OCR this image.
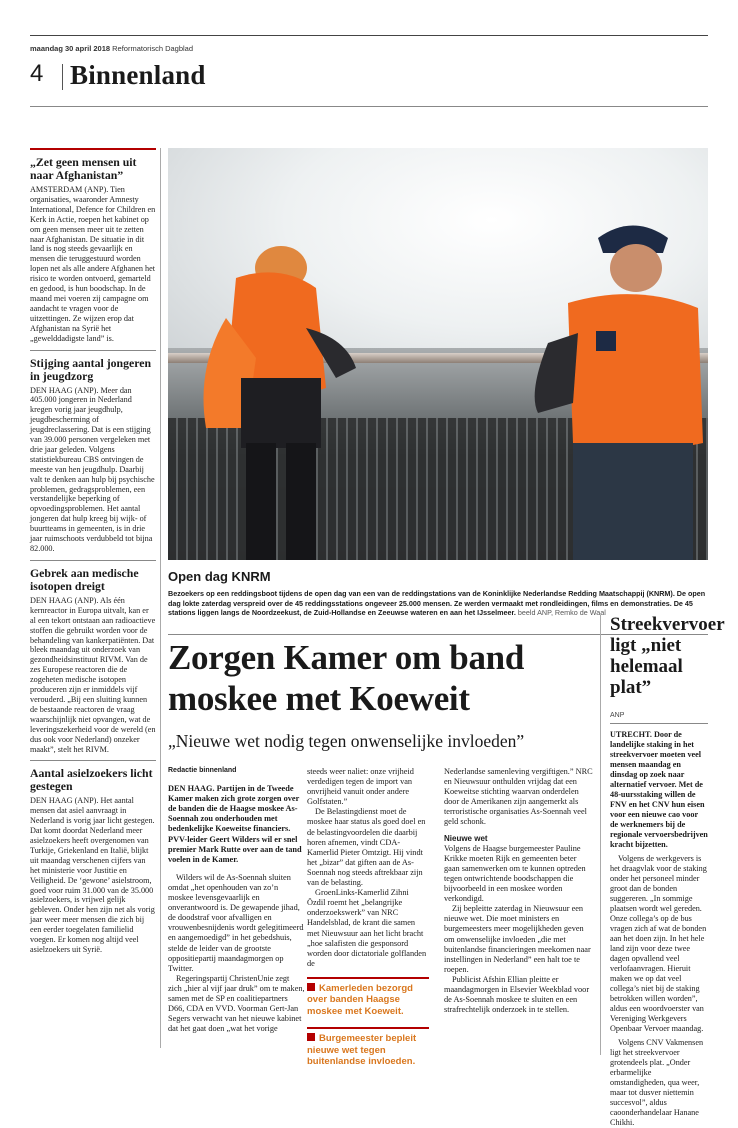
maandag 30 april 2018 Reformatorisch Dagblad
4 Binnenland
„Zet geen mensen uit naar Afghanistan”

AMSTERDAM (ANP). Tien organisaties, waaronder Amnesty International, Defence for Children en Kerk in Actie, roepen het kabinet op om geen mensen meer uit te zetten naar Afghanistan. De situatie in dit land is nog steeds gevaarlijk en mensen die teruggestuurd worden lopen net als alle andere Afghanen het risico te worden ontvoerd, gemarteld en gedood, is hun boodschap. In de maand mei voeren zij campagne om aandacht te vragen voor de uitzettingen. Ze wijzen erop dat Afghanistan na Syrië het „gewelddadigste land” is.

Stijging aantal jongeren in jeugdzorg

DEN HAAG (ANP). Meer dan 405.000 jongeren in Nederland kregen vorig jaar jeugdhulp, jeugdbescherming of jeugdreclassering. Dat is een stijging van 39.000 personen vergeleken met drie jaar geleden. Volgens statistiekbureau CBS ontvingen de meeste van hen jeugdhulp. Daarbij valt te denken aan hulp bij psychische problemen, gedragsproblemen, een verstandelijke beperking of opvoedingsproblemen. Het aantal jongeren dat hulp kreeg bij wijk- of buurtteams in gemeenten, is in drie jaar ruimschoots verdubbeld tot bijna 82.000.

Gebrek aan medische isotopen dreigt

DEN HAAG (ANP). Als één kernreactor in Europa uitvalt, kan er al een tekort ontstaan aan radioactieve stoffen die gebruikt worden voor de behandeling van kankerpatiënten. Dat bleek maandag uit onderzoek van gezondheidsinstituut RIVM. Van de zes Europese reactoren die de zogeheten medische isotopen produceren zijn er inmiddels vijf verouderd. „Bij een sluiting kunnen de bestaande reactoren de vraag waarschijnlijk niet opvangen, wat de leveringszekerheid voor de wereld (en dus ook voor Nederland) onzeker maakt”, stelt het RIVM.

Aantal asielzoekers licht gestegen

DEN HAAG (ANP). Het aantal mensen dat asiel aanvraagt in Nederland is vorig jaar licht gestegen. Dat komt doordat Nederland meer asielzoekers heeft overgenomen van Turkije, Griekenland en Italië, blijkt uit maandag verschenen cijfers van het ministerie voor Justitie en Veiligheid. De ‘gewone’ asielstroom, goed voor ruim 31.000 van de 35.000 asielzoekers, is vrijwel gelijk gebleven. Onder hen zijn net als vorig jaar weer meer mensen die zich bij een eerder toegelaten familielid voegen. Er komen nog altijd veel asielzoekers uit Syrië.

Open dag KNRM
Bezoekers op een reddingsboot tijdens de open dag van een van de reddingstations van de Koninklijke Nederlandse Redding Maatschappij (KNRM). De open dag lokte zaterdag verspreid over de 45 reddingsstations ongeveer 25.000 mensen. Ze werden vermaakt met rondleidingen, films en demonstraties. De 45 stations liggen langs de Noordzeekust, de Zuid-Hollandse en Zeeuwse wateren en aan het IJsselmeer. beeld ANP, Remko de Waal
Zorgen Kamer om band moskee met Koeweit
„Nieuwe wet nodig tegen onwenselijke invloeden”
Redactie binnenland

DEN HAAG. Partijen in de Tweede Kamer maken zich grote zorgen over de banden die de Haagse moskee As-Soennah zou onderhouden met bedenkelijke Koeweitse financiers. PVV-leider Geert Wilders wil er snel premier Mark Rutte over aan de tand voelen in de Kamer.

Wilders wil de As-Soennah sluiten omdat „het openhouden van zo’n moskee levensgevaarlijk en onverantwoord is. De gewapende jihad, de doodstraf voor afvalligen en vrouwenbesnijdenis wordt gelegitimeerd en aangemoedigd” in het gebedshuis, stelde de leider van de grootste oppositiepartij maandagmorgen op Twitter.

Regeringspartij ChristenUnie zegt zich „hier al vijf jaar druk” om te maken, samen met de SP en coalitiepartners D66, CDA en VVD. Voorman Gert-Jan Segers verwacht van het nieuwe kabinet dat het gaat doen „wat het vorige

steeds weer naliet: onze vrijheid verdedigen tegen de import van onvrijheid vanuit onder andere Golfstaten.”

De Belastingdienst moet de moskee haar status als goed doel en de belastingvoordelen die daarbij horen afnemen, vindt CDA-Kamerlid Pieter Omtzigt. Hij vindt het „bizar” dat giften aan de As-Soennah nog steeds aftrekbaar zijn van de belasting.

GroenLinks-Kamerlid Zihni Özdil roemt het „belangrijke onderzoekswerk” van NRC Handelsblad, de krant die samen met Nieuwsuur aan het licht bracht „hoe salafisten die gesponsord worden door dictatoriale golflanden de

Kamerleden bezorgd over banden Haagse moskee met Koeweit.
Burgemeester bepleit nieuwe wet tegen buitenlandse invloeden.

Nederlandse samenleving vergiftigen.” NRC en Nieuwsuur onthulden vrijdag dat een Koeweitse stichting waarvan onderdelen door de Amerikanen zijn aangemerkt als terroristische organisaties As-Soennah veel geld schonk.

Nieuwe wet

Volgens de Haagse burgemeester Pauline Krikke moeten Rijk en gemeenten beter gaan samenwerken om te kunnen optreden tegen ontwrichtende boodschappen die bijvoorbeeld in een moskee worden verkondigd.

Zij bepleitte zaterdag in Nieuwsuur een nieuwe wet. Die moet ministers en burgemeesters meer mogelijkheden geven om onwenselijke invloeden „die met buitenlandse financieringen meekomen naar instellingen in Nederland” een halt toe te roepen.

Publicist Afshin Ellian pleitte er maandagmorgen in Elsevier Weekblad voor de As-Soennah moskee te sluiten en een strafrechtelijk onderzoek in te stellen.

Streekvervoer ligt „niet helemaal plat”
ANP

UTRECHT. Door de landelijke staking in het streekvervoer moeten veel mensen maandag en dinsdag op zoek naar alternatief vervoer. Met de 48-uursstaking willen de FNV en het CNV hun eisen voor een nieuwe cao voor de werknemers bij de regionale vervoersbedrijven kracht bijzetten.

Volgens de werkgevers is het draagvlak voor de staking onder het personeel minder groot dan de bonden suggereren. „In sommige plaatsen wordt wel gereden. Onze collega’s op de bus vragen zich af wat de bonden aan het doen zijn. In het hele land zijn voor deze twee dagen opvallend veel verlofaanvragen. Hieruit maken we op dat veel collega’s niet bij de staking betrokken willen worden”, aldus een woordvoerster van Vereniging Werkgevers Openbaar Vervoer maandag.

Volgens CNV Vakmensen ligt het streekvervoer grotendeels plat. „Onder erbarmelijke omstandigheden, qua weer, maar tot dusver niettemin succesvol”, aldus caoonderhandelaar Hanane Chikhi.
